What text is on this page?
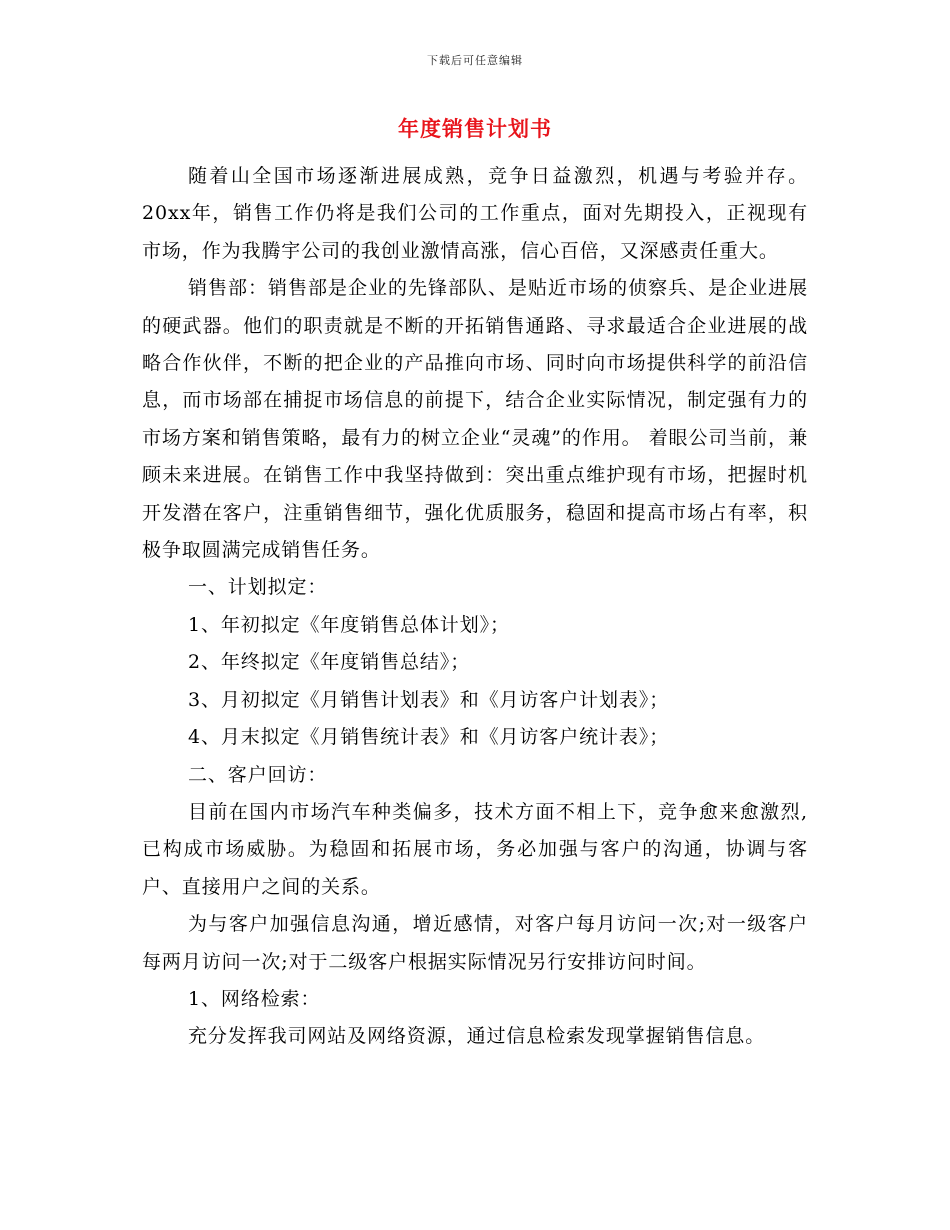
下载后可任意编辑
年度销售计划书

随着山全国市场逐渐进展成熟，竞争日益激烈，机遇与考验并存。20xx年，销售工作仍将是我们公司的工作重点，面对先期投入，正视现有市场，作为我腾宇公司的我创业激情高涨，信心百倍，又深感责任重大。

销售部：销售部是企业的先锋部队、是贴近市场的侦察兵、是企业进展的硬武器。他们的职责就是不断的开拓销售通路、寻求最适合企业进展的战略合作伙伴，不断的把企业的产品推向市场、同时向市场提供科学的前沿信息，而市场部在捕捉市场信息的前提下，结合企业实际情况，制定强有力的市场方案和销售策略，最有力的树立企业“灵魂”的作用。 着眼公司当前，兼顾未来进展。在销售工作中我坚持做到：突出重点维护现有市场，把握时机开发潜在客户，注重销售细节，强化优质服务，稳固和提高市场占有率，积极争取圆满完成销售任务。

一、计划拟定：

1、年初拟定《年度销售总体计划》；

2、年终拟定《年度销售总结》；

3、月初拟定《月销售计划表》和《月访客户计划表》；

4、月末拟定《月销售统计表》和《月访客户统计表》；

二、客户回访：

目前在国内市场汽车种类偏多，技术方面不相上下，竞争愈来愈激烈,已构成市场威胁。为稳固和拓展市场，务必加强与客户的沟通，协调与客户、直接用户之间的关系。

为与客户加强信息沟通，增近感情，对客户每月访问一次;对一级客户每两月访问一次;对于二级客户根据实际情况另行安排访问时间。

1、网络检索：

充分发挥我司网站及网络资源，通过信息检索发现掌握销售信息。
